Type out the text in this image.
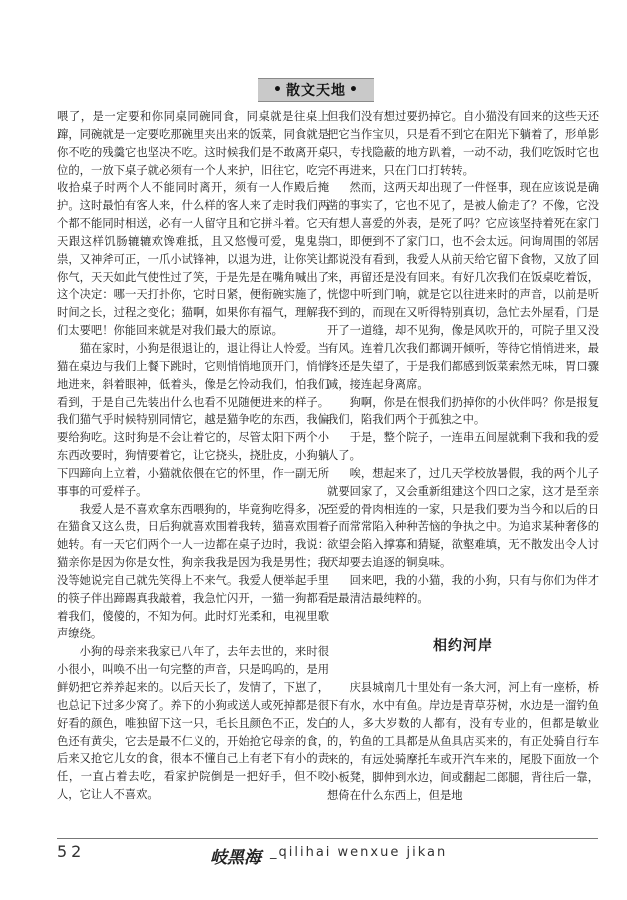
• 散文天地 •

喂了，是一定要和你同桌同碗同食，同桌就是往桌上蹿，同碗就是一定要吃那碗里夹出来的饭菜，同食就是你不吃的残羹它也坚决不吃。这时候我们是不敢离开桌位的，一放下桌子就必须有一个人来护，旧往它，吃完收拾桌子时两个人不能同时离开，须有一人作殿后掩护。这时最怕有客人来，什么样的客人来了走时我们两个都不能同时相送，必有一人留守且和它拼斗着。它天天跟这样饥肠辘辘欢馋难抵，且又悠慢可爱，鬼鬼祟祟，又神斧可正，一爪小试锋神，以退为进，让你笑让你气，天天如此气使性过了笑，于是先是在嘴角喊出了这个决定：哪一天打扑你，它时日紧，便衔碗实施了，时间之长，过程之变化；猫啊，如果你有福气，理解我们太要吧！你能回来就是对我们最大的原谅。

猫在家时，小狗是很退让的，退让得让人怜爱。当猫在桌边与我们上餐下跳时，它则悄悄地顶开门，悄悄地进来，斜着眼神，低着头，像是乞怜动我们，怕我们看到，于是自己先装出什么也看不见随便进来的样子。我们猫气乎时候特别同情它，越是猫争吃的东西，我偏要给狗吃。这时狗是不会让着它的，尽管太阳下两个小东西改要时，狗情要着它，让它挠头，挠肚皮，小狗躺下四蹄向上立着，小猫就依偎在它的怀里，作一副无所事事的可爱样子。

我爱人是不喜欢拿东西喂狗的，毕竟狗吃得多，况在猫食又这么贵，日后狗就喜欢围着我转，猫喜欢围着她转。有一天它们两个一人一边都在桌子边时，我说：猫亲你是因为你是女性，狗亲我我是因为我是男性；我没等她说完自己就先笑得上不来气。我爱人便举起手里的筷子伴出蹄踢真我敲着，我急忙闪开，一猫一狗都看着我们，傻傻的，不知为何。此时灯光柔和，电视里歌声缭绕。

小狗的母亲来我家已八年了，去年去世的，来时很小很小，叫唤不出一句完整的声音，只是呜呜的，是用鲜奶把它养养起来的。以后天长了，发情了，下崽了，也总记下过多少窝了。养下的小狗或送人或死掉都是很好看的颜色，唯独留下这一只，毛长且颜色不正，发白色还有黄尖，它去是最不仁义的，开始抢它母亲的食，后来又抢它儿女的食，很本不懂自己上有老下有小的责任，一直占着去吃，看家护院倒是一把好手，但不咬人，它让人不喜欢。

但我们没有想过要扔掉它。自小猫没有回来的这些天还把它当作宝贝，只是看不到它在阳光下躺着了，形单影只，专找隐蔽的地方趴着，一动不动，我们吃饭时它也不再进来，只在门口打转转。

然而，这两天却出现了一件怪事，现在应该说是确凿的事实了，它也不见了，是被人偷走了？不像，它没有想人喜爱的外表，是死了吗？它应该坚持着死在家门口，即便到不了家门口，也不会太远。问询周围的邻居都说没有看到，我爱人从前天给它留下食物，又放了回来，再留还是没有回来。有好几次我们在饭桌吃着饭，恍惚中听到门响，就是它以往进来时的声音，以前是听不到的，而现在又听得特别真切，急忙去外屋看，门是开了一道缝，却不见狗，像是风吹开的，可院子里又没有风。连着几次我们都调开倾听，等待它悄悄进来，最终还是失望了，于是我们都感到饭菜索然无味，胃口骤减，接连起身离席。

狗啊，你是在恨我们扔掉你的小伙伴吗？你是报复我们，陷我们两个于孤独之中。

于是，整个院子，一连串五间屋就剩下我和我的爱人了。

唉，想起来了，过几天学校放暑假，我的两个儿子就要回家了，又会重新组建这个四口之家，这才是至亲至爱的骨肉相连的一家，只是我们要为当今和以后的日子而常常陷入种种苦恼的争执之中。为追求某种奢侈的欲望会陷入撑寡和猜疑，欲壑难填，无不散发出令人讨厌却要去追逐的铜臭味。

回来吧，我的小猫，我的小狗，只有与你们为伴才是最清洁最纯粹的。

相约河岸

庆县城南几十里处有一条大河，河上有一座桥，桥下有水，水中有鱼。岸边是青草芬树，水边是一溜钓鱼的人，多大岁数的人都有，没有专业的，但都是敏业的，钓鱼的工具都是从鱼具店买来的，有正处骑自行车来的，有远处骑摩托车或开汽车来的，尾股下面放一个小板凳，脚伸到水边，间或翻起二郎腿，背往后一靠，想倚在什么东西上，但是地

52	岐黑海 _qilihai wenxue jikan
